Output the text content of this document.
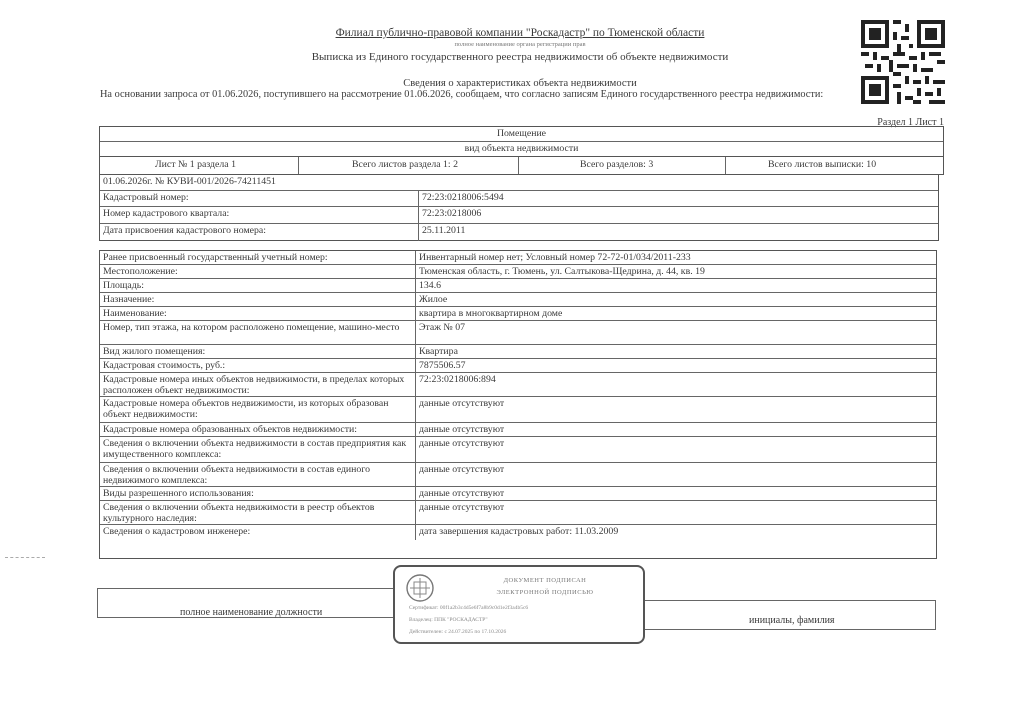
Филиал публично-правовой компании "Роскадастр" по Тюменской области
полное наименование органа регистрации прав
Выписка из Единого государственного реестра недвижимости об объекте недвижимости
Сведения о характеристиках объекта недвижимости
На основании запроса от 01.06.2026, поступившего на рассмотрение 01.06.2026, сообщаем, что согласно записям Единого государственного реестра недвижимости:
Раздел 1 Лист 1
Помещение
вид объекта недвижимости
Лист № 1 раздела 1	Всего листов раздела 1: 2	Всего разделов: 3	Всего листов выписки: 10
01.06.2026г. № КУВИ-001/2026-74211451
Кадастровый номер:	72:23:0218006:5494
Номер кадастрового квартала:	72:23:0218006
Дата присвоения кадастрового номера:	25.11.2011
Ранее присвоенный государственный учетный номер:	Инвентарный номер нет; Условный номер 72-72-01/034/2011-233
Местоположение:	Тюменская область, г. Тюмень, ул. Салтыкова-Щедрина, д. 44, кв. 19
Площадь:	134.6
Назначение:	Жилое
Наименование:	квартира в многоквартирном доме
Номер, тип этажа, на котором расположено помещение, машино-место	Этаж № 07
Вид жилого помещения:	Квартира
Кадастровая стоимость, руб.:	7875506.57
Кадастровые номера иных объектов недвижимости, в пределах которых расположен объект недвижимости:
72:23:0218006:894
Кадастровые номера объектов недвижимости, из которых образован объект недвижимости:
данные отсутствуют
Кадастровые номера образованных объектов недвижимости:	данные отсутствуют
Сведения о включении объекта недвижимости в состав предприятия как имущественного комплекса:
данные отсутствуют
Сведения о включении объекта недвижимости в состав единого недвижимого комплекса:
данные отсутствуют
Виды разрешенного использования:	данные отсутствуют
Сведения о включении объекта недвижимости в реестр объектов культурного наследия:
данные отсутствуют
Сведения о кадастровом инженере:	дата завершения кадастровых работ: 11.03.2009
полное наименование должности
инициалы, фамилия
ДОКУМЕНТ ПОДПИСАН
ЭЛЕКТРОННОЙ ПОДПИСЬЮ
Сертификат: 00f1a2b3c4d5e6f7a8b9c0d1e2f3a4b5c6
Владелец: ППК "РОСКАДАСТР"
Действителен: с 24.07.2025 по 17.10.2026
